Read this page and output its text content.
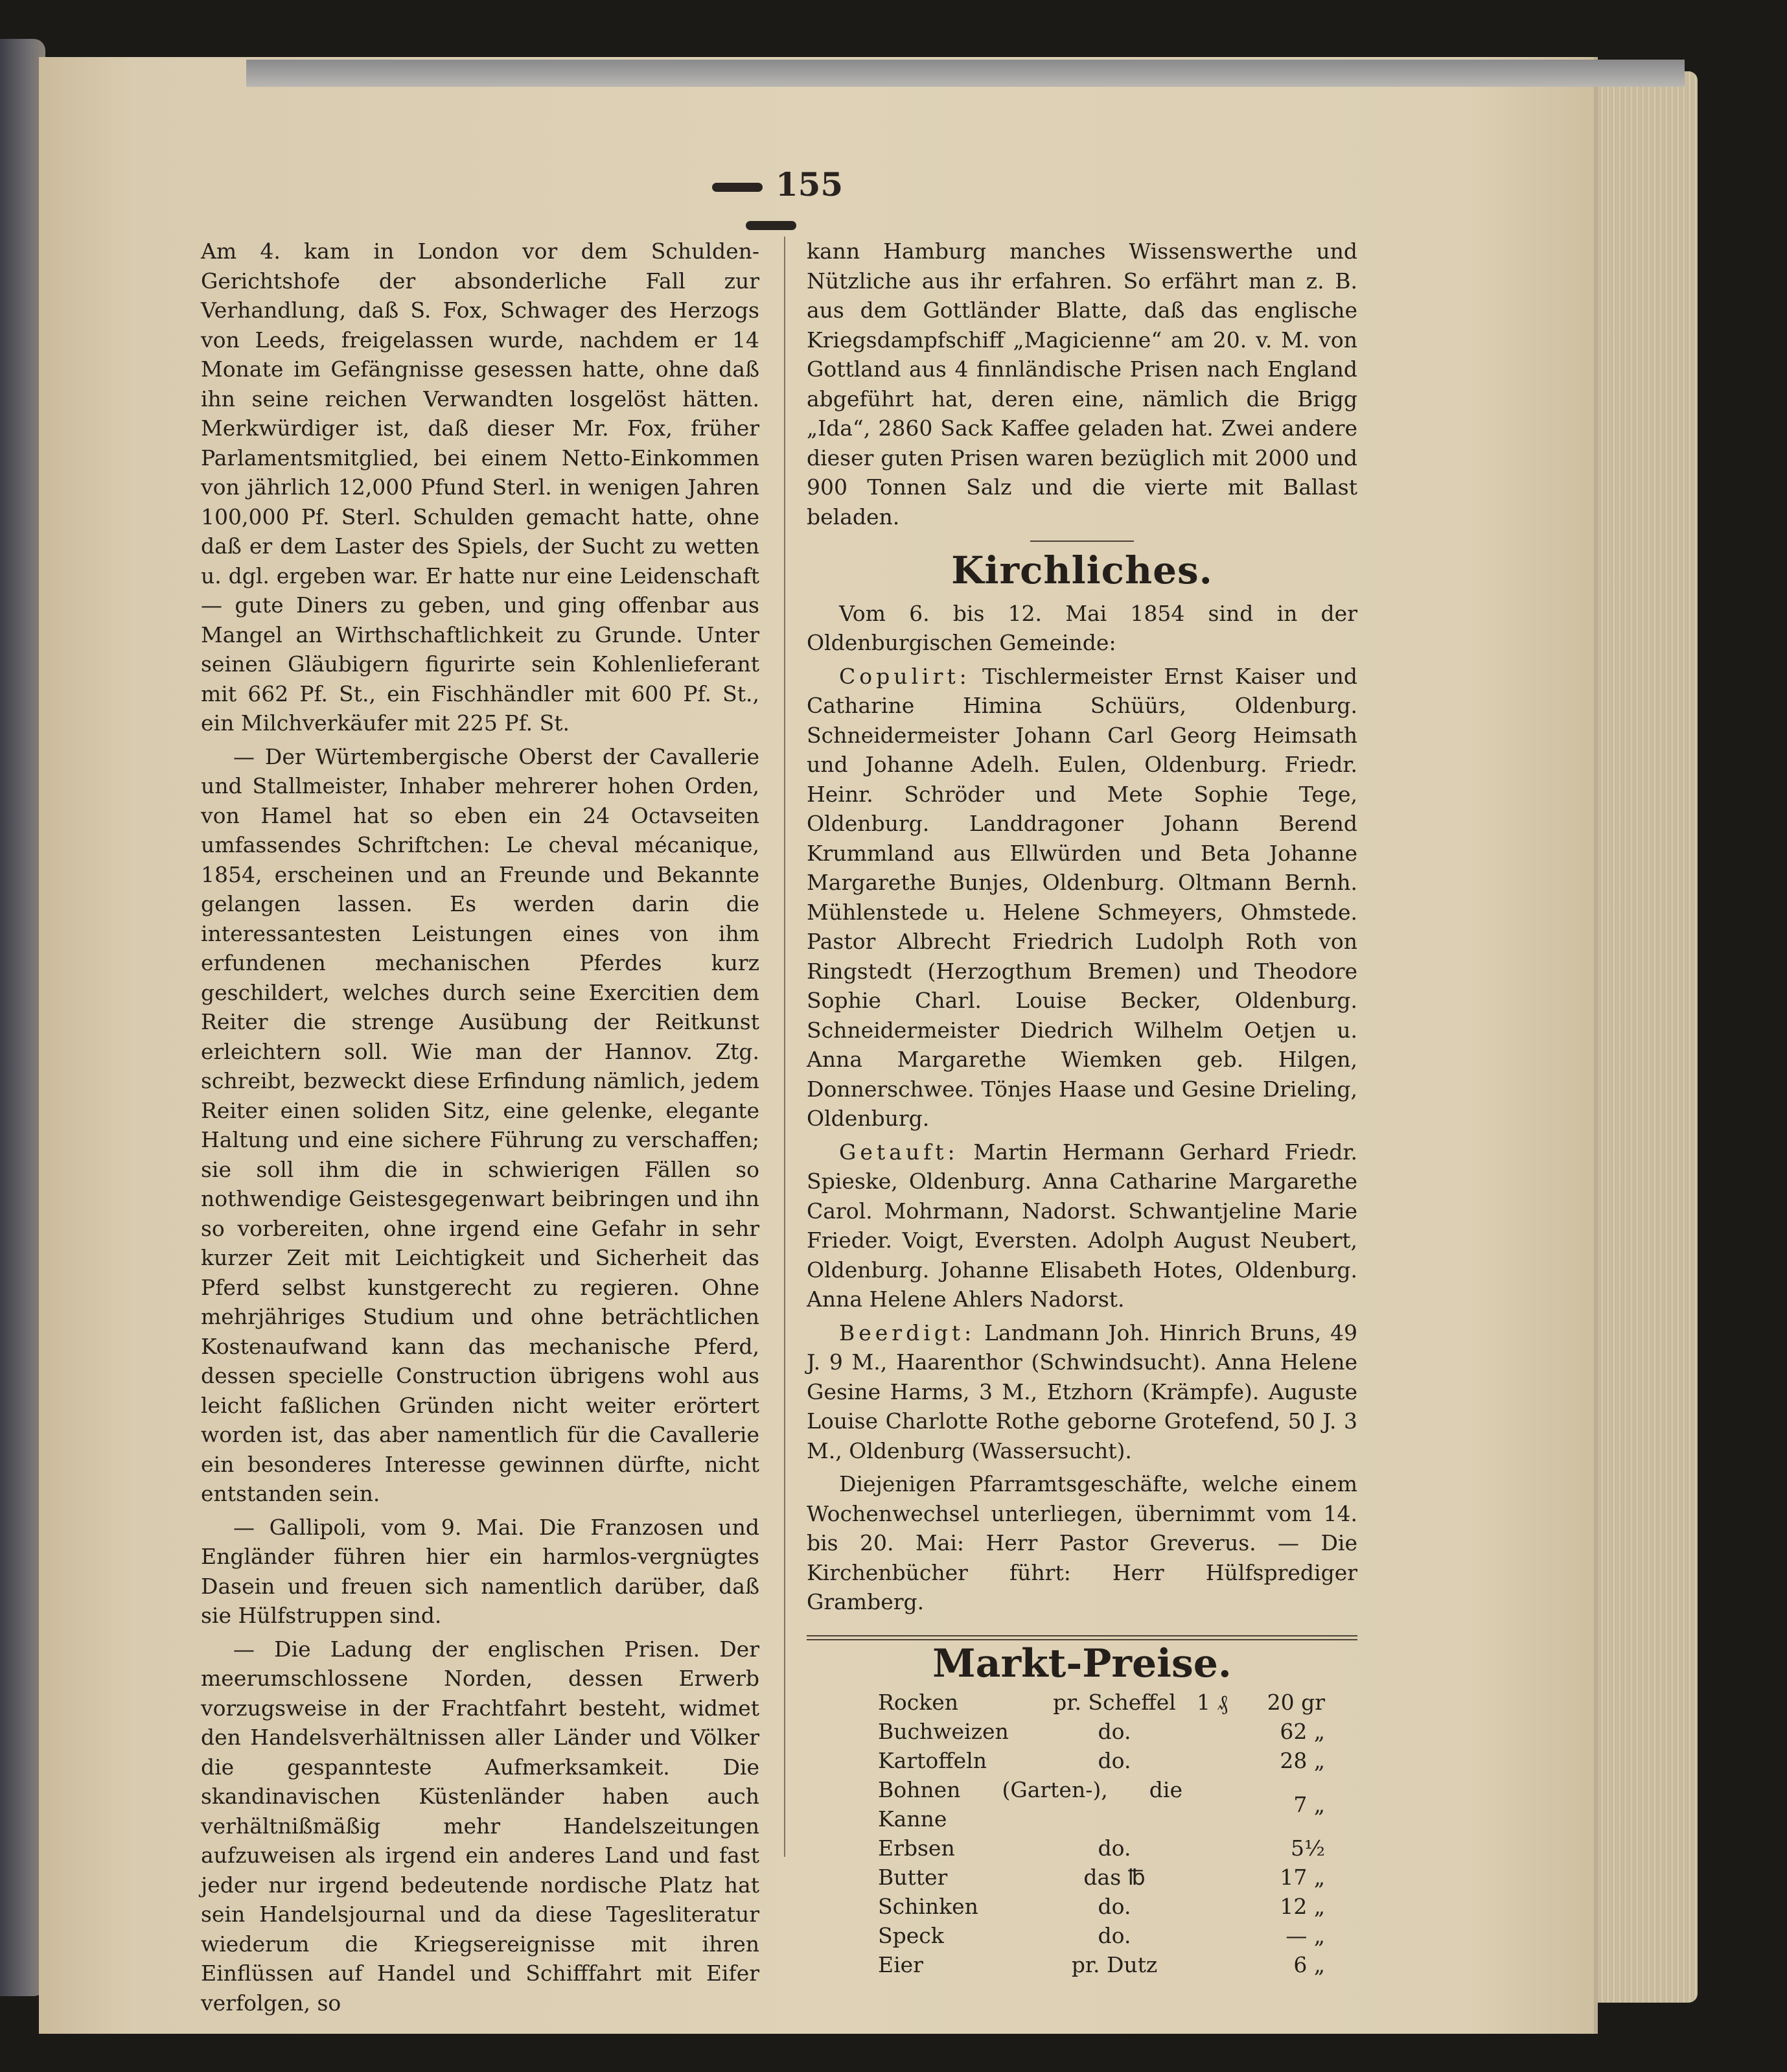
155

Am 4. kam in London vor dem Schulden-Gerichtshofe der absonderliche Fall zur Verhandlung, daß S. Fox, Schwager des Herzogs von Leeds, freigelassen wurde, nachdem er 14 Monate im Gefängnisse gesessen hatte, ohne daß ihn seine reichen Verwandten losgelöst hätten. Merkwürdiger ist, daß dieser Mr. Fox, früher Parlamentsmitglied, bei einem Netto-Einkommen von jährlich 12,000 Pfund Sterl. in wenigen Jahren 100,000 Pf. Sterl. Schulden gemacht hatte, ohne daß er dem Laster des Spiels, der Sucht zu wetten u. dgl. ergeben war. Er hatte nur eine Leidenschaft — gute Diners zu geben, und ging offenbar aus Mangel an Wirthschaftlichkeit zu Grunde. Unter seinen Gläubigern figurirte sein Kohlenlieferant mit 662 Pf. St., ein Fischhändler mit 600 Pf. St., ein Milchverkäufer mit 225 Pf. St.

— Der Würtembergische Oberst der Cavallerie und Stallmeister, Inhaber mehrerer hohen Orden, von Hamel hat so eben ein 24 Octavseiten umfassendes Schriftchen: Le cheval mécanique, 1854, erscheinen und an Freunde und Bekannte gelangen lassen. Es werden darin die interessantesten Leistungen eines von ihm erfundenen mechanischen Pferdes kurz geschildert, welches durch seine Exercitien dem Reiter die strenge Ausübung der Reitkunst erleichtern soll. Wie man der Hannov. Ztg. schreibt, bezweckt diese Erfindung nämlich, jedem Reiter einen soliden Sitz, eine gelenke, elegante Haltung und eine sichere Führung zu verschaffen; sie soll ihm die in schwierigen Fällen so nothwendige Geistesgegenwart beibringen und ihn so vorbereiten, ohne irgend eine Gefahr in sehr kurzer Zeit mit Leichtigkeit und Sicherheit das Pferd selbst kunstgerecht zu regieren. Ohne mehrjähriges Studium und ohne beträchtlichen Kostenaufwand kann das mechanische Pferd, dessen specielle Construction übrigens wohl aus leicht faßlichen Gründen nicht weiter erörtert worden ist, das aber namentlich für die Cavallerie ein besonderes Interesse gewinnen dürfte, nicht entstanden sein.

— Gallipoli, vom 9. Mai. Die Franzosen und Engländer führen hier ein harmlos-vergnügtes Dasein und freuen sich namentlich darüber, daß sie Hülfstruppen sind.

— Die Ladung der englischen Prisen. Der meerumschlossene Norden, dessen Erwerb vorzugsweise in der Frachtfahrt besteht, widmet den Handelsverhältnissen aller Länder und Völker die gespannteste Aufmerksamkeit. Die skandinavischen Küstenländer haben auch verhältnißmäßig mehr Handelszeitungen aufzuweisen als irgend ein anderes Land und fast jeder nur irgend bedeutende nordische Platz hat sein Handelsjournal und da diese Tagesliteratur wiederum die Kriegsereignisse mit ihren Einflüssen auf Handel und Schifffahrt mit Eifer verfolgen, so

kann Hamburg manches Wissenswerthe und Nützliche aus ihr erfahren. So erfährt man z. B. aus dem Gottländer Blatte, daß das englische Kriegsdampfschiff „Magicienne“ am 20. v. M. von Gottland aus 4 finnländische Prisen nach England abgeführt hat, deren eine, nämlich die Brigg „Ida“, 2860 Sack Kaffee geladen hat. Zwei andere dieser guten Prisen waren bezüglich mit 2000 und 900 Tonnen Salz und die vierte mit Ballast beladen.

Kirchliches.

Vom 6. bis 12. Mai 1854 sind in der Oldenburgischen Gemeinde:

Copulirt: Tischlermeister Ernst Kaiser und Catharine Himina Schüürs, Oldenburg. Schneidermeister Johann Carl Georg Heimsath und Johanne Adelh. Eulen, Oldenburg. Friedr. Heinr. Schröder und Mete Sophie Tege, Oldenburg. Landdragoner Johann Berend Krummland aus Ellwürden und Beta Johanne Margarethe Bunjes, Oldenburg. Oltmann Bernh. Mühlenstede u. Helene Schmeyers, Ohmstede. Pastor Albrecht Friedrich Ludolph Roth von Ringstedt (Herzogthum Bremen) und Theodore Sophie Charl. Louise Becker, Oldenburg. Schneidermeister Diedrich Wilhelm Oetjen u. Anna Margarethe Wiemken geb. Hilgen, Donnerschwee. Tönjes Haase und Gesine Drieling, Oldenburg.

Getauft: Martin Hermann Gerhard Friedr. Spieske, Oldenburg. Anna Catharine Margarethe Carol. Mohrmann, Nadorst. Schwantjeline Marie Frieder. Voigt, Eversten. Adolph August Neubert, Oldenburg. Johanne Elisabeth Hotes, Oldenburg. Anna Helene Ahlers Nadorst.

Beerdigt: Landmann Joh. Hinrich Bruns, 49 J. 9 M., Haarenthor (Schwindsucht). Anna Helene Gesine Harms, 3 M., Etzhorn (Krämpfe). Auguste Louise Charlotte Rothe geborne Grotefend, 50 J. 3 M., Oldenburg (Wassersucht).

Diejenigen Pfarramtsgeschäfte, welche einem Wochenwechsel unterliegen, übernimmt vom 14. bis 20. Mai: Herr Pastor Greverus. — Die Kirchenbücher führt: Herr Hülfsprediger Gramberg.

Markt-Preise.
Rocken	pr. Scheffel	1 ₰	20 gr
Buchweizen	do.		62 „
Kartoffeln	do.		28 „
Bohnen (Garten-), die Kanne			7 „
Erbsen	do.		5½
Butter	das ℔		17 „
Schinken	do.		12 „
Speck	do.		— „
Eier	pr. Dutz		6 „
